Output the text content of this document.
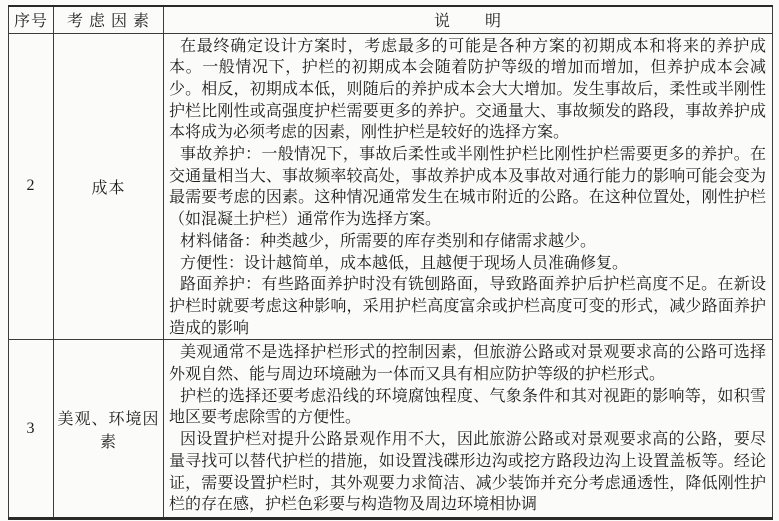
序号	考 虑 因 素	说　　明
2	成本	在最终确定设计方案时，考虑最多的可能是各种方案的初期成本和将来的养护成本。一般情况下，护栏的初期成本会随着防护等级的增加而增加，但养护成本会减少。相反，初期成本低，则随后的养护成本会大大增加。发生事故后，柔性或半刚性护栏比刚性或高强度护栏需要更多的养护。交通量大、事故频发的路段，事故养护成本将成为必须考虑的因素，刚性护栏是较好的选择方案。

事故养护：一般情况下，事故后柔性或半刚性护栏比刚性护栏需要更多的养护。在交通量相当大、事故频率较高处，事故养护成本及事故对通行能力的影响可能会变为最需要考虑的因素。这种情况通常发生在城市附近的公路。在这种位置处，刚性护栏（如混凝土护栏）通常作为选择方案。

材料储备：种类越少，所需要的库存类别和存储需求越少。

方便性：设计越简单，成本越低，且越便于现场人员准确修复。

路面养护：有些路面养护时没有铣刨路面，导致路面养护后护栏高度不足。在新设护栏时就要考虑这种影响，采用护栏高度富余或护栏高度可变的形式，减少路面养护造成的影响

3	美观、环境因素	美观通常不是选择护栏形式的控制因素，但旅游公路或对景观要求高的公路可选择外观自然、能与周边环境融为一体而又具有相应防护等级的护栏形式。

护栏的选择还要考虑沿线的环境腐蚀程度、气象条件和其对视距的影响等，如积雪地区要考虑除雪的方便性。

因设置护栏对提升公路景观作用不大，因此旅游公路或对景观要求高的公路，要尽量寻找可以替代护栏的措施，如设置浅碟形边沟或挖方路段边沟上设置盖板等。经论证，需要设置护栏时，其外观要力求简洁、减少装饰并充分考虑通透性，降低刚性护栏的存在感，护栏色彩要与构造物及周边环境相协调
